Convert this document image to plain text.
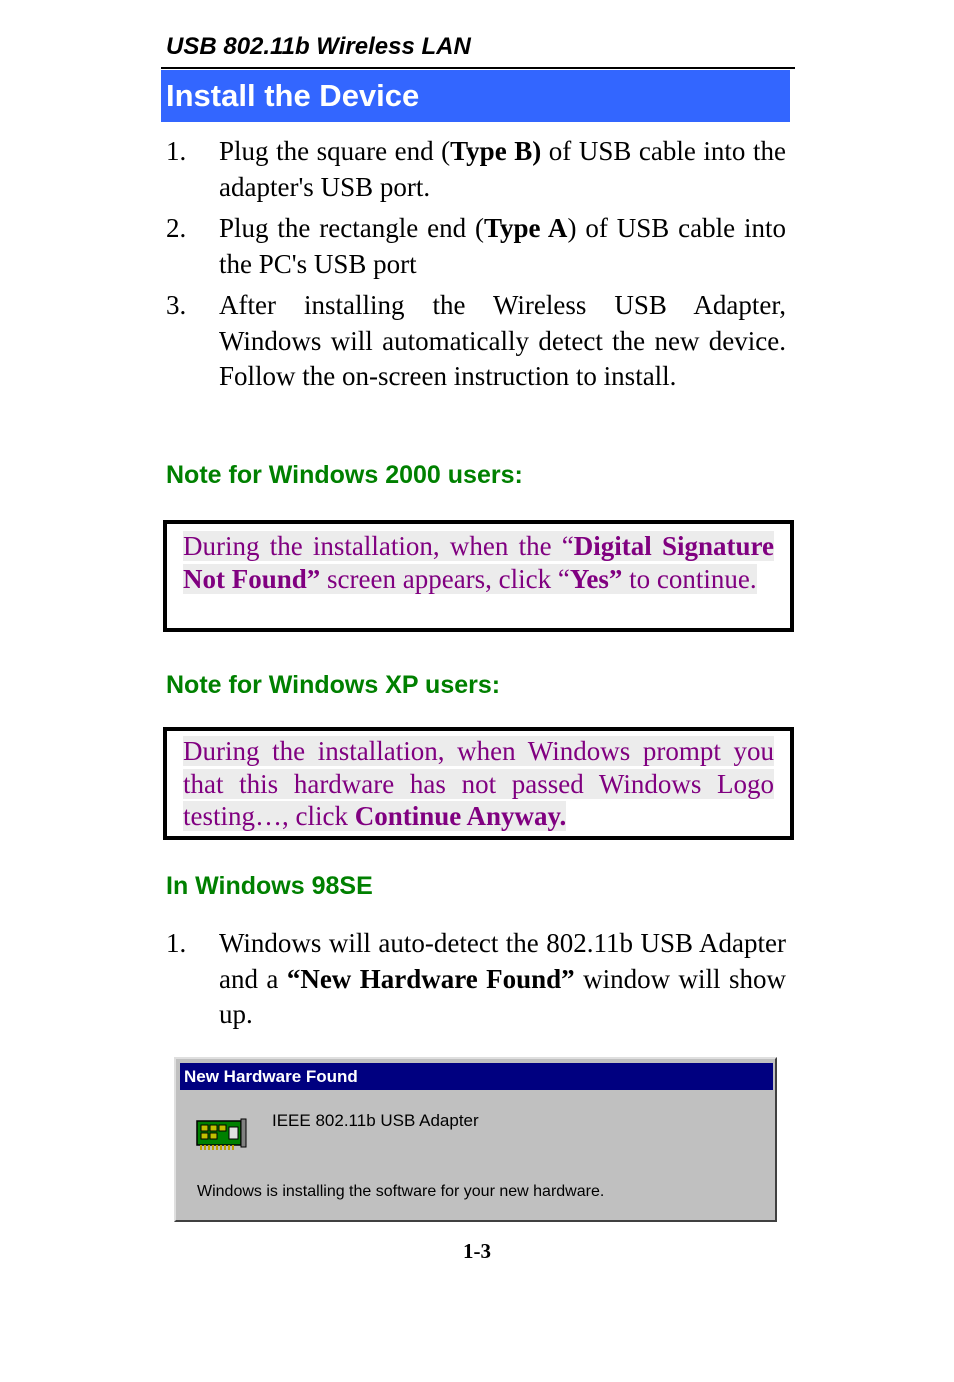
USB 802.11b Wireless LAN
Install the Device
1.	Plug the square end (Type B) of USB cable into the adapter's USB port.
2.	Plug the rectangle end (Type A) of USB cable into the PC's USB port
3.	After installing the Wireless USB Adapter, Windows will automatically detect the new device. Follow the on-screen instruction to install.
Note for Windows 2000 users:
During the installation, when the “Digital Signature Not Found” screen appears, click “Yes” to continue.
Note for Windows XP users:
During the installation, when Windows prompt you that this hardware has not passed Windows Logo testing…, click Continue Anyway.
In Windows 98SE
1.	Windows will auto-detect the 802.11b USB Adapter and a “New Hardware Found” window will show up.
New Hardware Found
IEEE 802.11b USB Adapter
Windows is installing the software for your new hardware.
1-3
